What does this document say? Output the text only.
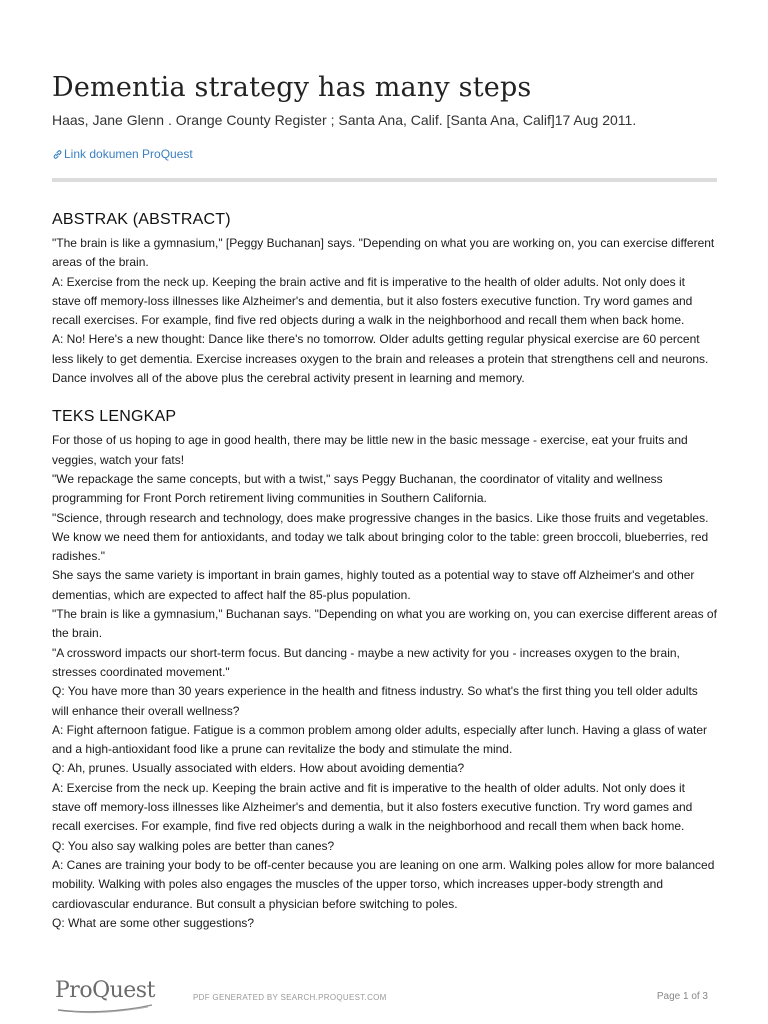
Dementia strategy has many steps
Haas, Jane Glenn . Orange County Register ; Santa Ana, Calif. [Santa Ana, Calif]17 Aug 2011.
Link dokumen ProQuest
ABSTRAK (ABSTRACT)

"The brain is like a gymnasium," [Peggy Buchanan] says. "Depending on what you are working on, you can exercise different areas of the brain.

A: Exercise from the neck up. Keeping the brain active and fit is imperative to the health of older adults. Not only does it stave off memory-loss illnesses like Alzheimer's and dementia, but it also fosters executive function. Try word games and recall exercises. For example, find five red objects during a walk in the neighborhood and recall them when back home.

A: No! Here's a new thought: Dance like there's no tomorrow. Older adults getting regular physical exercise are 60 percent less likely to get dementia. Exercise increases oxygen to the brain and releases a protein that strengthens cell and neurons. Dance involves all of the above plus the cerebral activity present in learning and memory.

TEKS LENGKAP

For those of us hoping to age in good health, there may be little new in the basic message - exercise, eat your fruits and veggies, watch your fats!

"We repackage the same concepts, but with a twist," says Peggy Buchanan, the coordinator of vitality and wellness programming for Front Porch retirement living communities in Southern California.

"Science, through research and technology, does make progressive changes in the basics. Like those fruits and vegetables. We know we need them for antioxidants, and today we talk about bringing color to the table: green broccoli, blueberries, red radishes."

She says the same variety is important in brain games, highly touted as a potential way to stave off Alzheimer's and other dementias, which are expected to affect half the 85-plus population.

"The brain is like a gymnasium," Buchanan says. "Depending on what you are working on, you can exercise different areas of the brain.

"A crossword impacts our short-term focus. But dancing - maybe a new activity for you - increases oxygen to the brain, stresses coordinated movement."

Q: You have more than 30 years experience in the health and fitness industry. So what's the first thing you tell older adults will enhance their overall wellness?

A: Fight afternoon fatigue. Fatigue is a common problem among older adults, especially after lunch. Having a glass of water and a high-antioxidant food like a prune can revitalize the body and stimulate the mind.

Q: Ah, prunes. Usually associated with elders. How about avoiding dementia?

A: Exercise from the neck up. Keeping the brain active and fit is imperative to the health of older adults. Not only does it stave off memory-loss illnesses like Alzheimer's and dementia, but it also fosters executive function. Try word games and recall exercises. For example, find five red objects during a walk in the neighborhood and recall them when back home.

Q: You also say walking poles are better than canes?

A: Canes are training your body to be off-center because you are leaning on one arm. Walking poles allow for more balanced mobility. Walking with poles also engages the muscles of the upper torso, which increases upper-body strength and cardiovascular endurance. But consult a physician before switching to poles.

Q: What are some other suggestions?

ProQuest	PDF GENERATED BY SEARCH.PROQUEST.COM	Page 1 of 3
